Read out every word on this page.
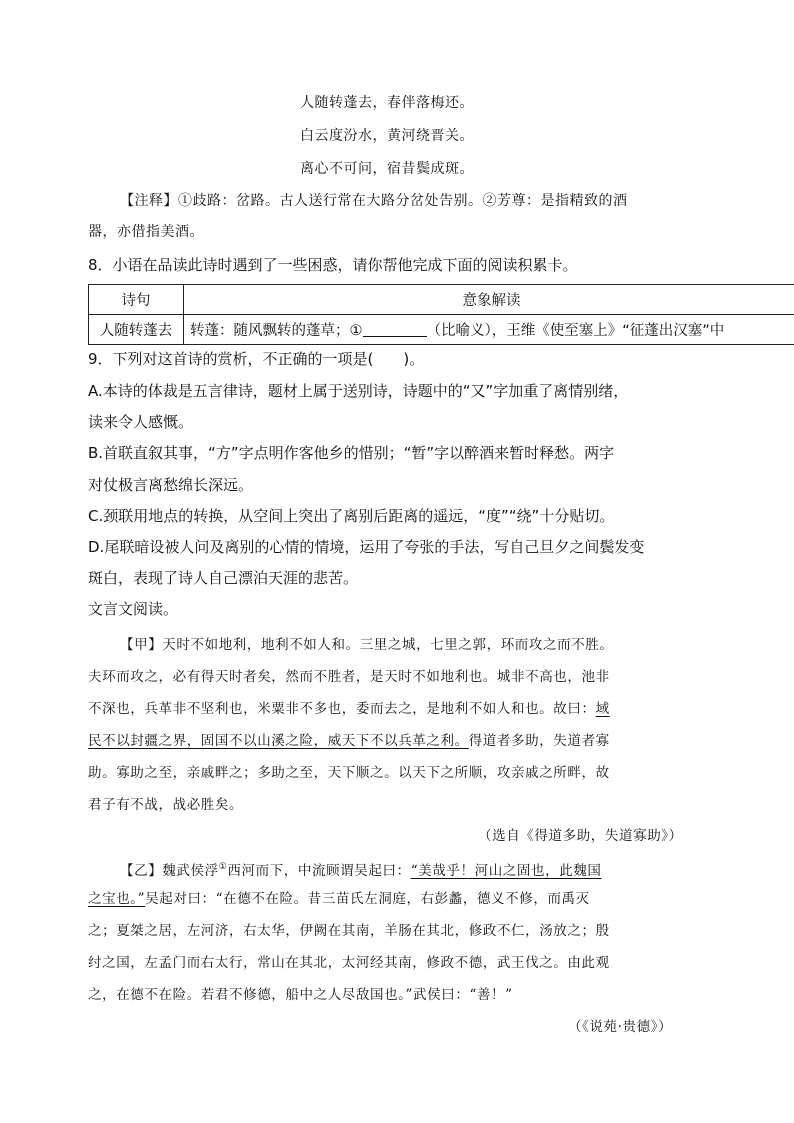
人随转蓬去，春伴落梅还。
白云度汾水，黄河绕晋关。
离心不可问，宿昔鬓成斑。
【注释】①歧路：岔路。古人送行常在大路分岔处告别。②芳尊：是指精致的酒
器，亦借指美酒。
8．小语在品读此诗时遇到了一些困惑，请你帮他完成下面的阅读积累卡。
诗句	意象解读
人随转蓬去	转蓬：随风飘转的蓬草；① （比喻义），王维《使至塞上》“征蓬出汉塞”中
9．下列对这首诗的赏析，不正确的一项是(　　)。
A.本诗的体裁是五言律诗，题材上属于送别诗，诗题中的“又”字加重了离情别绪，
读来令人感慨。
B.首联直叙其事，“方”字点明作客他乡的惜别；“暂”字以醉酒来暂时释愁。两字
对仗极言离愁绵长深远。
C.颈联用地点的转换，从空间上突出了离别后距离的遥远，“度”“绕”十分贴切。
D.尾联暗设被人问及离别的心情的情境，运用了夸张的手法，写自己旦夕之间鬓发变
斑白，表现了诗人自己漂泊天涯的悲苦。
文言文阅读。
【甲】天时不如地利，地利不如人和。三里之城，七里之郭，环而攻之而不胜。
夫环而攻之，必有得天时者矣，然而不胜者，是天时不如地利也。城非不高也，池非
不深也，兵革非不坚利也，米粟非不多也，委而去之，是地利不如人和也。故曰：域
民不以封疆之界，固国不以山溪之险，威天下不以兵革之利。得道者多助，失道者寡
助。寡助之至，亲戚畔之；多助之至，天下顺之。以天下之所顺，攻亲戚之所畔，故
君子有不战，战必胜矣。
（选自《得道多助，失道寡助》）
【乙】魏武侯浮①西河而下，中流顾谓吴起曰：“美哉乎！河山之固也，此魏国
之宝也。”吴起对曰：“在德不在险。昔三苗氏左洞庭，右彭蠡，德义不修，而禹灭
之；夏桀之居，左河济，右太华，伊阙在其南，羊肠在其北，修政不仁，汤放之；殷
纣之国，左孟门而右太行，常山在其北，太河经其南，修政不德，武王伐之。由此观
之，在德不在险。若君不修德，船中之人尽敌国也。”武侯曰：“善！”
（《说苑·贵德》）
